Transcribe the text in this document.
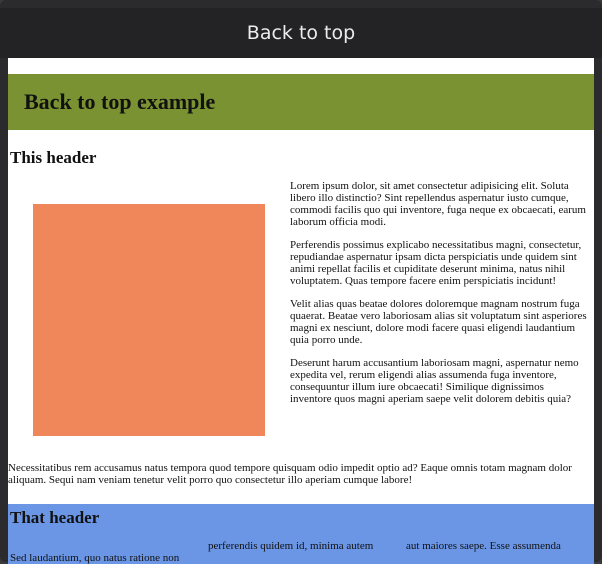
Back to top
Back to top example
This header

Lorem ipsum dolor, sit amet consectetur adipisicing elit. Soluta libero illo distinctio? Sint repellendus aspernatur iusto cumque, commodi facilis quo qui inventore, fuga neque ex obcaecati, earum laborum officia modi.

Perferendis possimus explicabo necessitatibus magni, consectetur, repudiandae aspernatur ipsam dicta perspiciatis unde quidem sint animi repellat facilis et cupiditate deserunt minima, natus nihil voluptatem. Quas tempore facere enim perspiciatis incidunt!

Velit alias quas beatae dolores doloremque magnam nostrum fuga quaerat. Beatae vero laboriosam alias sit voluptatum sint asperiores magni ex nesciunt, dolore modi facere quasi eligendi laudantium quia porro unde.

Deserunt harum accusantium laboriosam magni, aspernatur nemo expedita vel, rerum eligendi alias assumenda fuga inventore, consequuntur illum iure obcaecati! Similique dignissimos inventore quos magni aperiam saepe velit dolorem debitis quia?

Necessitatibus rem accusamus natus tempora quod tempore quisquam odio impedit optio ad? Eaque omnis totam magnam dolor aliquam. Sequi nam veniam tenetur velit porro quo consectetur illo aperiam cumque labore!

That header

perferendis quidem id, minima autem	aut maiores saepe. Esse assumenda

Sed laudantium, quo natus ratione non
